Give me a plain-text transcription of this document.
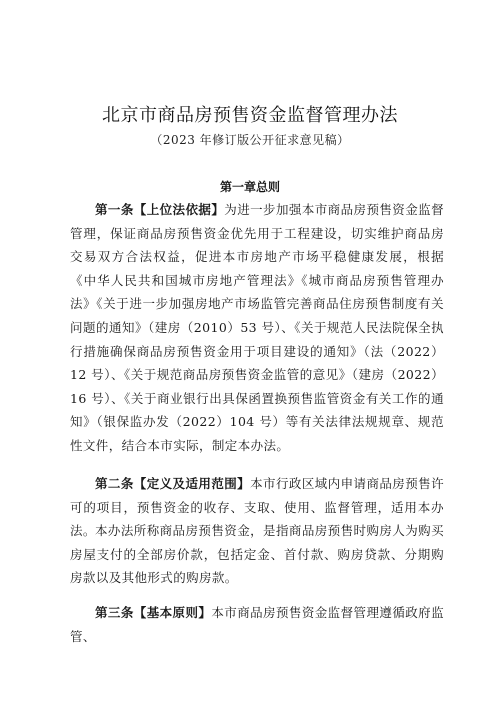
北京市商品房预售资金监督管理办法
（2023 年修订版公开征求意见稿）
第一章总则

第一条【上位法依据】为进一步加强本市商品房预售资金监督管理，保证商品房预售资金优先用于工程建设，切实维护商品房交易双方合法权益，促进本市房地产市场平稳健康发展，根据《中华人民共和国城市房地产管理法》《城市商品房预售管理办法》《关于进一步加强房地产市场监管完善商品住房预售制度有关问题的通知》（建房（2010）53 号）、《关于规范人民法院保全执行措施确保商品房预售资金用于项目建设的通知》（法（2022）12 号）、《关于规范商品房预售资金监管的意见》（建房（2022）16 号）、《关于商业银行出具保函置换预售监管资金有关工作的通知》（银保监办发（2022）104 号）等有关法律法规规章、规范性文件，结合本市实际，制定本办法。

第二条【定义及适用范围】本市行政区域内申请商品房预售许可的项目，预售资金的收存、支取、使用、监督管理，适用本办法。 本办法所称商品房预售资金，是指商品房预售时购房人为购买房屋支付的全部房价款，包括定金、首付款、购房贷款、分期购房款以及其他形式的购房款。

第三条【基本原则】本市商品房预售资金监督管理遵循政府监管、
